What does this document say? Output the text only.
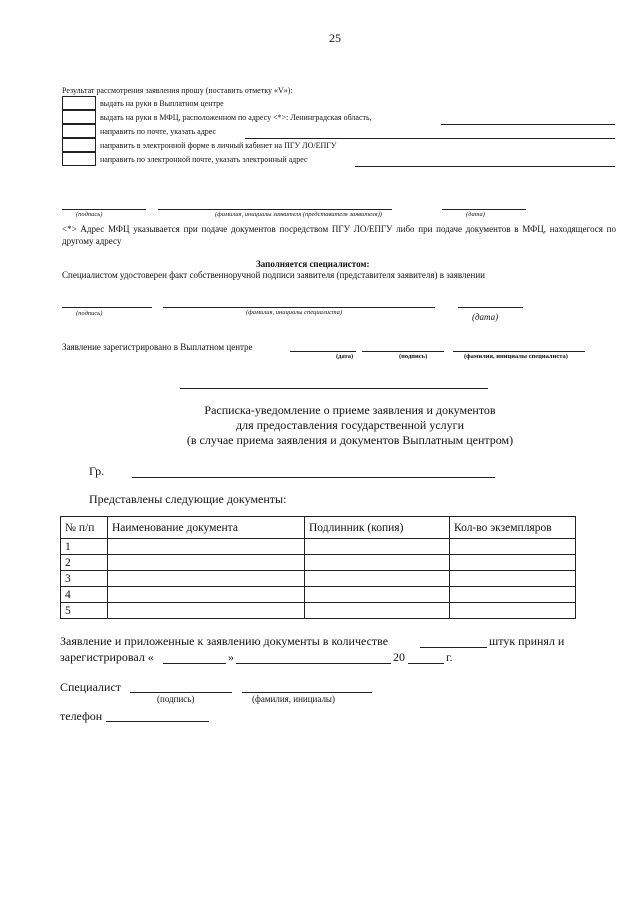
25
Результат рассмотрения заявления прошу (поставить отметку «V»):
выдать на руки в Выплатном центре
выдать на руки в МФЦ, расположенном по адресу <*>: Ленинградская область,
направить по почте, указать адрес
направить в электронной форме в личный кабинет на ПГУ ЛО/ЕПГУ
направить по электронной почте, указать электронный адрес
(подпись)	(фамилия, инициалы заявителя (представителя заявителя))	(дата)
<*> Адрес МФЦ указывается при подаче документов посредством ПГУ ЛО/ЕПГУ либо при подаче документов в МФЦ, находящегося по другому адресу
Заполняется специалистом:
Специалистом удостоверен факт собственноручной подписи заявителя (представителя заявителя) в заявлении
(подпись)	(фамилия, инициалы специалиста)	(дата)
Заявление зарегистрировано в Выплатном центре
(дата)	(подпись)	(фамилия, инициалы специалиста)
Расписка-уведомление о приеме заявления и документов
для предоставления государственной услуги
(в случае приема заявления и документов Выплатным центром)
Гр.
Представлены следующие документы:
№ п/п	Наименование документа	Подлинник (копия)	Кол-во экземпляров
1			
2			
3			
4			
5			
Заявление и приложенные к заявлению документы в количестве	штук принял и
зарегистрировал «	»	20	г.
Специалист
(подпись)	(фамилия, инициалы)
телефон
